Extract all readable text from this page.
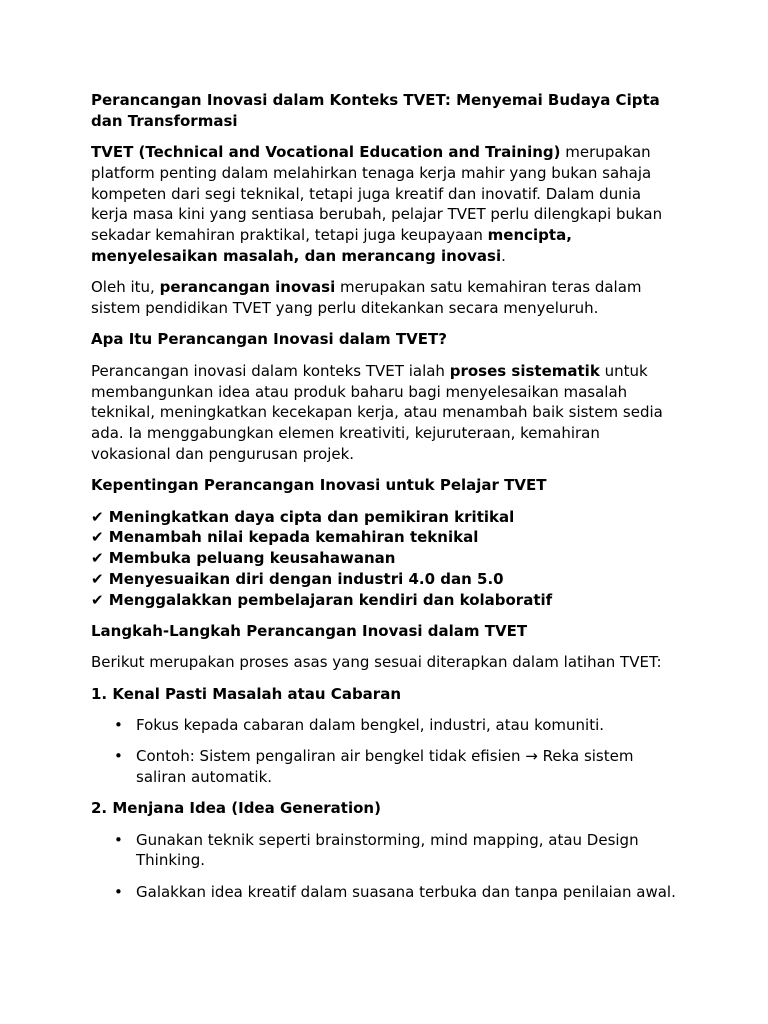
Perancangan Inovasi dalam Konteks TVET: Menyemai Budaya Cipta dan Transformasi

TVET (Technical and Vocational Education and Training) merupakan platform penting dalam melahirkan tenaga kerja mahir yang bukan sahaja kompeten dari segi teknikal, tetapi juga kreatif dan inovatif. Dalam dunia kerja masa kini yang sentiasa berubah, pelajar TVET perlu dilengkapi bukan sekadar kemahiran praktikal, tetapi juga keupayaan mencipta, menyelesaikan masalah, dan merancang inovasi.

Oleh itu, perancangan inovasi merupakan satu kemahiran teras dalam sistem pendidikan TVET yang perlu ditekankan secara menyeluruh.

Apa Itu Perancangan Inovasi dalam TVET?

Perancangan inovasi dalam konteks TVET ialah proses sistematik untuk membangunkan idea atau produk baharu bagi menyelesaikan masalah teknikal, meningkatkan kecekapan kerja, atau menambah baik sistem sedia ada. Ia menggabungkan elemen kreativiti, kejuruteraan, kemahiran vokasional dan pengurusan projek.

Kepentingan Perancangan Inovasi untuk Pelajar TVET

✔ Meningkatkan daya cipta dan pemikiran kritikal
✔ Menambah nilai kepada kemahiran teknikal
✔ Membuka peluang keusahawanan
✔ Menyesuaikan diri dengan industri 4.0 dan 5.0
✔ Menggalakkan pembelajaran kendiri dan kolaboratif

Langkah-Langkah Perancangan Inovasi dalam TVET

Berikut merupakan proses asas yang sesuai diterapkan dalam latihan TVET:

1. Kenal Pasti Masalah atau Cabaran

• Fokus kepada cabaran dalam bengkel, industri, atau komuniti.
• Contoh: Sistem pengaliran air bengkel tidak efisien → Reka sistem saliran automatik.

2. Menjana Idea (Idea Generation)

• Gunakan teknik seperti brainstorming, mind mapping, atau Design Thinking.
• Galakkan idea kreatif dalam suasana terbuka dan tanpa penilaian awal.
